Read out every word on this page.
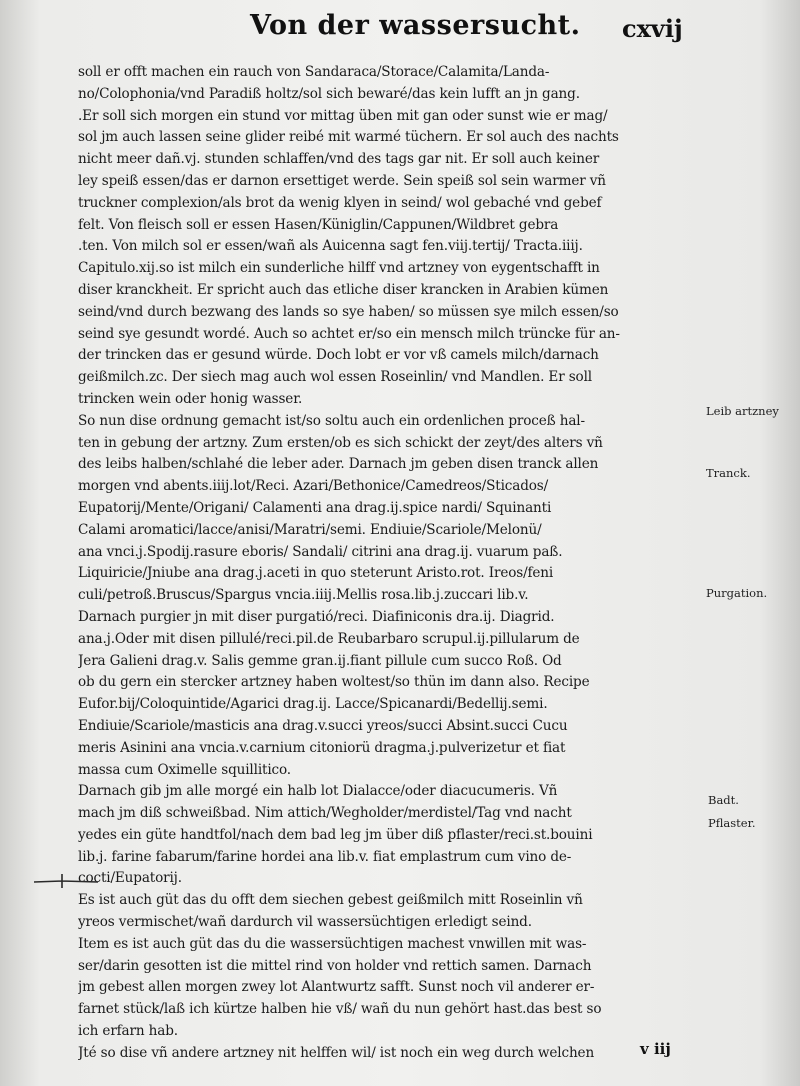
Von der wassersucht. cxvij
soll er offt machen ein rauch von Sandaraca/Storace/Calamita/Landa-
no/Colophonia/vnd Paradiß holtz/sol sich bewaré/das kein lufft an jn gang.
.Er soll sich morgen ein stund vor mittag üben mit gan oder sunst wie er mag/
sol jm auch lassen seine glider reibé mit warmé tüchern. Er sol auch des nachts
nicht meer dañ.vj. stunden schlaffen/vnd des tags gar nit. Er soll auch keiner
ley speiß essen/das er darnon ersettiget werde. Sein speiß sol sein warmer vñ
truckner complexion/als brot da wenig klyen in seind/ wol gebaché vnd gebef
felt. Von fleisch soll er essen Hasen/Küniglin/Cappunen/Wildbret gebra
.ten. Von milch sol er essen/wañ als Auicenna sagt fen.viij.tertij/ Tracta.iiij.
Capitulo.xij.so ist milch ein sunderliche hilff vnd artzney von eygentschafft in
diser kranckheit. Er spricht auch das etliche diser krancken in Arabien kümen
seind/vnd durch bezwang des lands so sye haben/ so müssen sye milch essen/so
seind sye gesundt wordé. Auch so achtet er/so ein mensch milch trüncke für an-
der trincken das er gesund würde. Doch lobt er vor vß camels milch/darnach
geißmilch.zc. Der siech mag auch wol essen Roseinlin/ vnd Mandlen. Er soll
trincken wein oder honig wasser.
So nun dise ordnung gemacht ist/so soltu auch ein ordenlichen proceß hal-
ten in gebung der artzny. Zum ersten/ob es sich schickt der zeyt/des alters vñ
des leibs halben/schlahé die leber ader. Darnach jm geben disen tranck allen
morgen vnd abents.iiij.lot/Reci. Azari/Bethonice/Camedreos/Sticados/
Eupatorij/Mente/Origani/ Calamenti ana drag.ij.spice nardi/ Squinanti
Calami aromatici/lacce/anisi/Maratri/semi. Endiuie/Scariole/Melonü/
ana vnci.j.Spodij.rasure eboris/ Sandali/ citrini ana drag.ij. vuarum paß.
Liquiricie/Jniube ana drag.j.aceti in quo steterunt Aristo.rot. Ireos/feni
culi/petroß.Bruscus/Spargus vncia.iiij.Mellis rosa.lib.j.zuccari lib.v.
Darnach purgier jn mit diser purgatió/reci. Diafiniconis dra.ij. Diagrid.
ana.j.Oder mit disen pillulé/reci.pil.de Reubarbaro scrupul.ij.pillularum de
Jera Galieni drag.v. Salis gemme gran.ij.fiant pillule cum succo Roß. Od
ob du gern ein stercker artzney haben woltest/so thün im dann also. Recipe
Eufor.bij/Coloquintide/Agarici drag.ij. Lacce/Spicanardi/Bedellij.semi.
Endiuie/Scariole/masticis ana drag.v.succi yreos/succi Absint.succi Cucu
meris Asinini ana vncia.v.carnium citoniorü dragma.j.pulverizetur et fiat
massa cum Oximelle squillitico.
Darnach gib jm alle morgé ein halb lot Dialacce/oder diacucumeris. Vñ
mach jm diß schweißbad. Nim attich/Wegholder/merdistel/Tag vnd nacht
yedes ein güte handtfol/nach dem bad leg jm über diß pflaster/reci.st.bouini
lib.j. farine fabarum/farine hordei ana lib.v. fiat emplastrum cum vino de-
cocti/Eupatorij.
Es ist auch güt das du offt dem siechen gebest geißmilch mitt Roseinlin vñ
yreos vermischet/wañ dardurch vil wassersüchtigen erledigt seind.
Item es ist auch güt das du die wassersüchtigen machest vnwillen mit was-
ser/darin gesotten ist die mittel rind von holder vnd rettich samen. Darnach
jm gebest allen morgen zwey lot Alantwurtz safft. Sunst noch vil anderer er-
farnet stück/laß ich kürtze halben hie vß/ wañ du nun gehört hast.das best so
ich erfarn hab.
Jté so dise vñ andere artzney nit helffen wil/ ist noch ein weg durch welchen
Leib artzney
Tranck.
Purgation.
Badt.
Pflaster.
v iij
